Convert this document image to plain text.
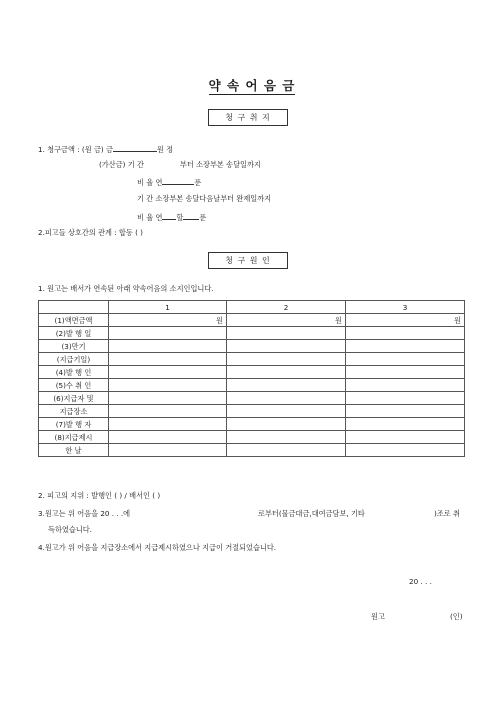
약 속 어 음 금
청 구 취 지
1. 청구금액 : (원 금) 금	원 정
(가산금) 기 간	부터 소장부본 송달일까지
비 율 연	푼
기 간 소장부본 송달다음날부터 완제일까지
비 율 연 할 푼
2.피고들 상호간의 관계 : 합동 ( )
청 구 원 인
1. 원고는 배서가 연속된 아래 약속어음의 소지인입니다.
	1	2	3
(1)액면금액	원	원	원
(2)발 행 일			
(3)만기			
(지급기일)			
(4)발 행 인			
(5)수 취 인			
(6)지급자 및			
지급장소			
(7)발 행 자			
(8)지급제시			
한 날			
2. 피고의 지위 : 발행인 ( ) / 배서인 ( )
3.원고는 위 어음을 20 . . .에	로부터(물금대금,대여금담보, 기타	)조로 취
득하였습니다.
4.원고가 위 어음을 지급장소에서 지급제시하였으나 지급이 거절되었습니다.
20 . . .
원고	(인)
